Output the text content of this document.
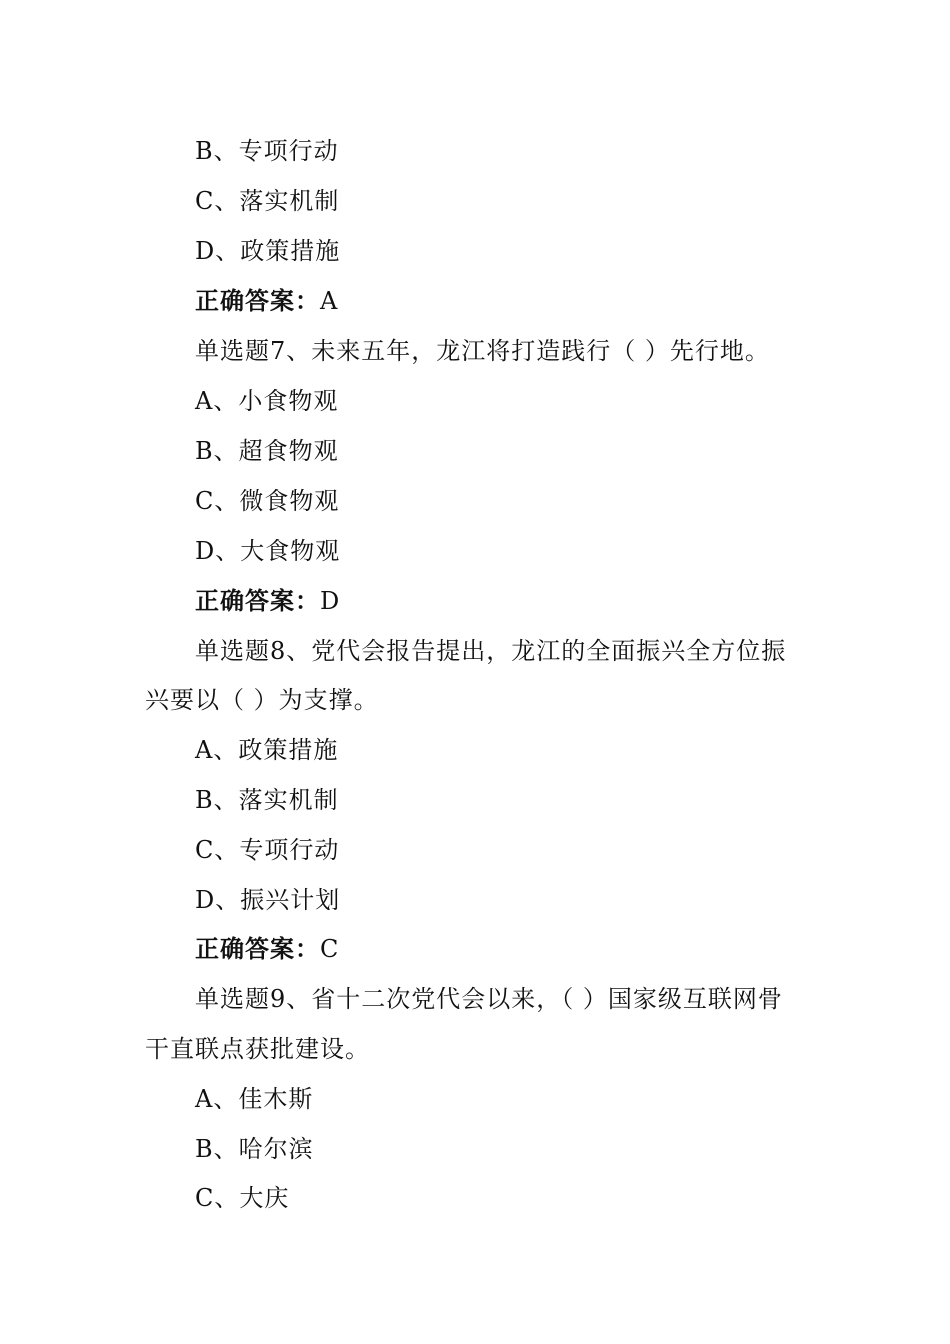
B、专项行动
C、落实机制
D、政策措施
正确答案：A
单选题7、未来五年，龙江将打造践行（ ）先行地。
A、小食物观
B、超食物观
C、微食物观
D、大食物观
正确答案：D
单选题8、党代会报告提出，龙江的全面振兴全方位振
兴要以（ ）为支撑。
A、政策措施
B、落实机制
C、专项行动
D、振兴计划
正确答案：C
单选题9、省十二次党代会以来，（ ）国家级互联网骨
干直联点获批建设。
A、佳木斯
B、哈尔滨
C、大庆
